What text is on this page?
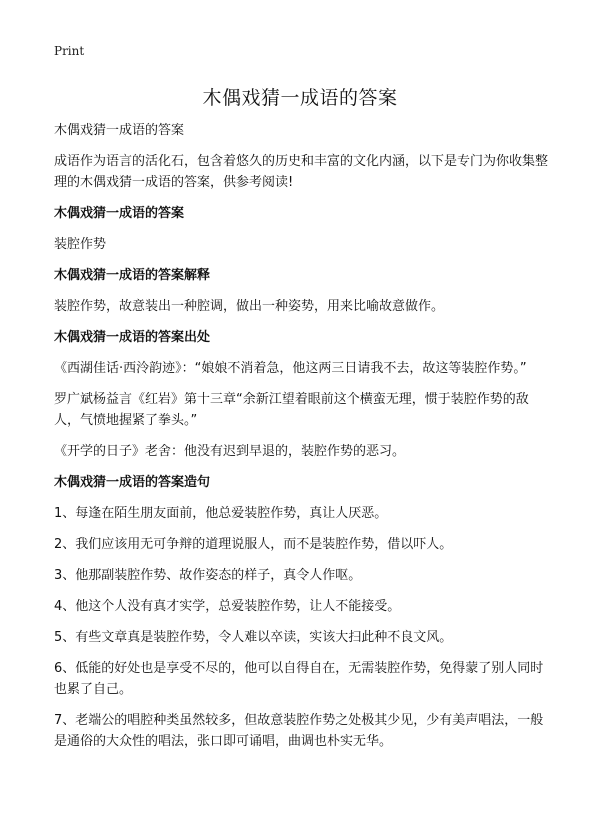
Print
木偶戏猜一成语的答案

木偶戏猜一成语的答案

成语作为语言的活化石，包含着悠久的历史和丰富的文化内涵，以下是专门为你收集整理的木偶戏猜一成语的答案，供参考阅读!

木偶戏猜一成语的答案

装腔作势

木偶戏猜一成语的答案解释

装腔作势，故意装出一种腔调，做出一种姿势，用来比喻故意做作。

木偶戏猜一成语的答案出处

《西湖佳话·西泠韵迹》：“娘娘不消着急，他这两三日请我不去，故这等装腔作势。”

罗广斌杨益言《红岩》第十三章“余新江望着眼前这个横蛮无理，惯于装腔作势的敌人，气愤地握紧了拳头。”

《开学的日子》老舍：他没有迟到早退的，装腔作势的恶习。

木偶戏猜一成语的答案造句

1、每逢在陌生朋友面前，他总爱装腔作势，真让人厌恶。

2、我们应该用无可争辩的道理说服人，而不是装腔作势，借以吓人。

3、他那副装腔作势、故作姿态的样子，真令人作呕。

4、他这个人没有真才实学，总爱装腔作势，让人不能接受。

5、有些文章真是装腔作势，令人难以卒读，实该大扫此种不良文风。

6、低能的好处也是享受不尽的，他可以自得自在，无需装腔作势，免得蒙了别人同时也累了自己。

7、老端公的唱腔种类虽然较多，但故意装腔作势之处极其少见，少有美声唱法，一般是通俗的大众性的唱法，张口即可诵唱，曲调也朴实无华。
